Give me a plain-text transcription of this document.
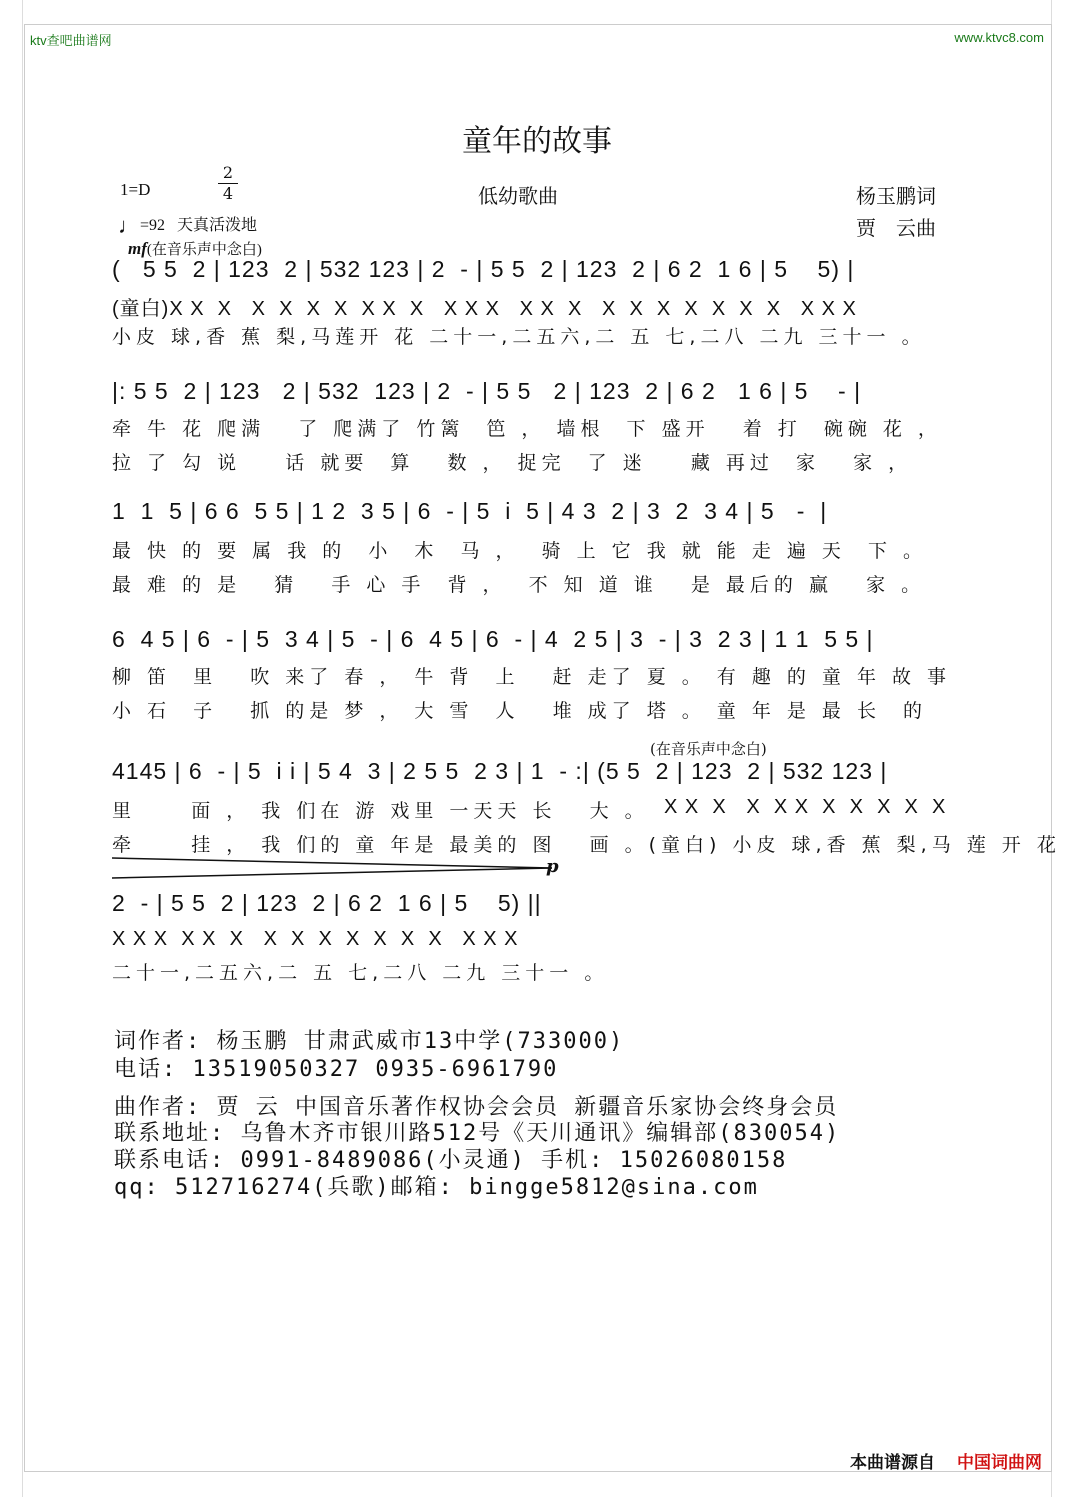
ktv查吧曲谱网	www.ktvc8.com
童年的故事
1=D
2
4	低幼歌曲	杨玉鹏词
贾　云曲
♩=92 天真活泼地
mf(在音乐声中念白)
(   5 5  2 | 123  2 | 532 123 | 2  - | 5 5  2 | 123  2 | 6 2  1 6 | 5    5) |
(童白)X X  X   X  X  X  X  X X  X   X X X   X X  X   X  X  X  X  X  X  X   X X X
小皮 球,香 蕉 梨,马莲开 花 二十一,二五六,二 五 七,二八 二九 三十一 。
|: 5 5  2 | 123   2 | 532  123 | 2  - | 5 5   2 | 123  2 | 6 2   1 6 | 5    - |
牵 牛 花 爬满   了 爬满了 竹篱  笆 ， 墙根  下 盛开   着 打  碗碗 花 ，
拉 了 勾 说    话 就要  算   数 ， 捉完  了 迷    藏 再过  家   家 ，
1  1  5 | 6 6  5 5 | 1 2  3 5 | 6  - | 5  i  5 | 4 3  2 | 3  2  3 4 | 5   -  |
最 快 的 要 属 我 的  小  木  马 ，  骑 上 它 我 就 能 走 遍 天  下 。
最 难 的 是   猜   手 心 手  背 ，  不 知 道 谁   是 最后的 赢   家 。
6  4 5 | 6  - | 5  3 4 | 5  - | 6  4 5 | 6  - | 4  2 5 | 3  - | 3  2 3 | 1 1  5 5 |
柳 笛  里   吹 来了 春 ， 牛 背  上   赶 走了 夏 。 有 趣 的 童 年 故 事
小 石  子   抓 的是 梦 ， 大 雪  人   堆 成了 塔 。 童 年 是 最 长  的
(在音乐声中念白)
4145 | 6  - | 5  i i | 5 4  3 | 2 5 5  2 3 | 1  - :| (5 5  2 | 123  2 | 532 123 |
X X  X   X  X X  X  X  X  X  X
里     面 ， 我 们在 游 戏里 一天天 长   大 。
牵     挂 ， 我 们的 童 年是 最美的 图   画 。(童白) 小皮 球,香 蕉 梨,马 莲 开 花
p
2  - | 5 5  2 | 123  2 | 6 2  1 6 | 5    5) ||
X X X  X X  X   X  X  X  X  X  X  X   X X X
二十一,二五六,二 五 七,二八 二九 三十一 。
词作者: 杨玉鹏 甘肃武威市13中学(733000)
电话: 13519050327 0935-6961790
曲作者: 贾 云 中国音乐著作权协会会员 新疆音乐家协会终身会员
联系地址: 乌鲁木齐市银川路512号《天川通讯》编辑部(830054)
联系电话: 0991-8489086(小灵通) 手机: 15026080158
qq: 512716274(兵歌)邮箱: bingge5812@sina.com
本曲谱源自 中国词曲网
